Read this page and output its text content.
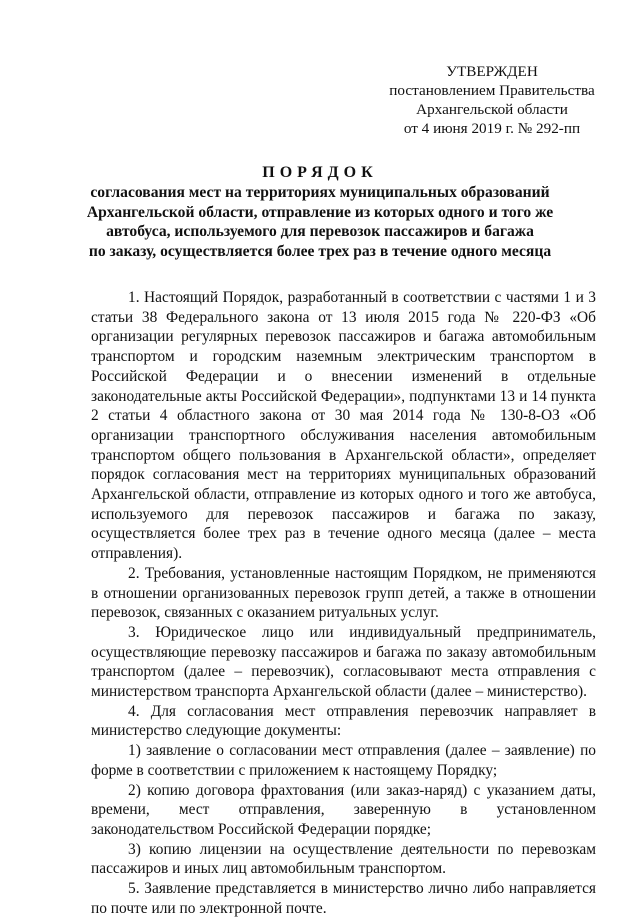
УТВЕРЖДЕН
постановлением Правительства
Архангельской области
от 4 июня 2019 г. № 292-пп
ПОРЯДОК
согласования мест на территориях муниципальных образований
Архангельской области, отправление из которых одного и того же
автобуса, используемого для перевозок пассажиров и багажа
по заказу, осуществляется более трех раз в течение одного месяца

1. Настоящий Порядок, разработанный в соответствии с частями 1 и 3 статьи 38 Федерального закона от 13 июля 2015 года № 220-ФЗ «Об организации регулярных перевозок пассажиров и багажа автомобильным транспортом и городским наземным электрическим транспортом в Российской Федерации и о внесении изменений в отдельные законодательные акты Российской Федерации», подпунктами 13 и 14 пункта 2 статьи 4 областного закона от 30 мая 2014 года № 130-8-ОЗ «Об организации транспортного обслуживания населения автомобильным транспортом общего пользования в Архангельской области», определяет порядок согласования мест на территориях муниципальных образований Архангельской области, отправление из которых одного и того же автобуса, используемого для перевозок пассажиров и багажа по заказу, осуществляется более трех раз в течение одного месяца (далее – места отправления).

2. Требования, установленные настоящим Порядком, не применяются в отношении организованных перевозок групп детей, а также в отношении перевозок, связанных с оказанием ритуальных услуг.

3. Юридическое лицо или индивидуальный предприниматель, осуществляющие перевозку пассажиров и багажа по заказу автомобильным транспортом (далее – перевозчик), согласовывают места отправления с министерством транспорта Архангельской области (далее – министерство).

4. Для согласования мест отправления перевозчик направляет в министерство следующие документы:

1) заявление о согласовании мест отправления (далее – заявление) по форме в соответствии с приложением к настоящему Порядку;

2) копию договора фрахтования (или заказ-наряд) с указанием даты, времени, мест отправления, заверенную в установленном законодательством Российской Федерации порядке;

3) копию лицензии на осуществление деятельности по перевозкам пассажиров и иных лиц автомобильным транспортом.

5. Заявление представляется в министерство лично либо направляется по почте или по электронной почте.
